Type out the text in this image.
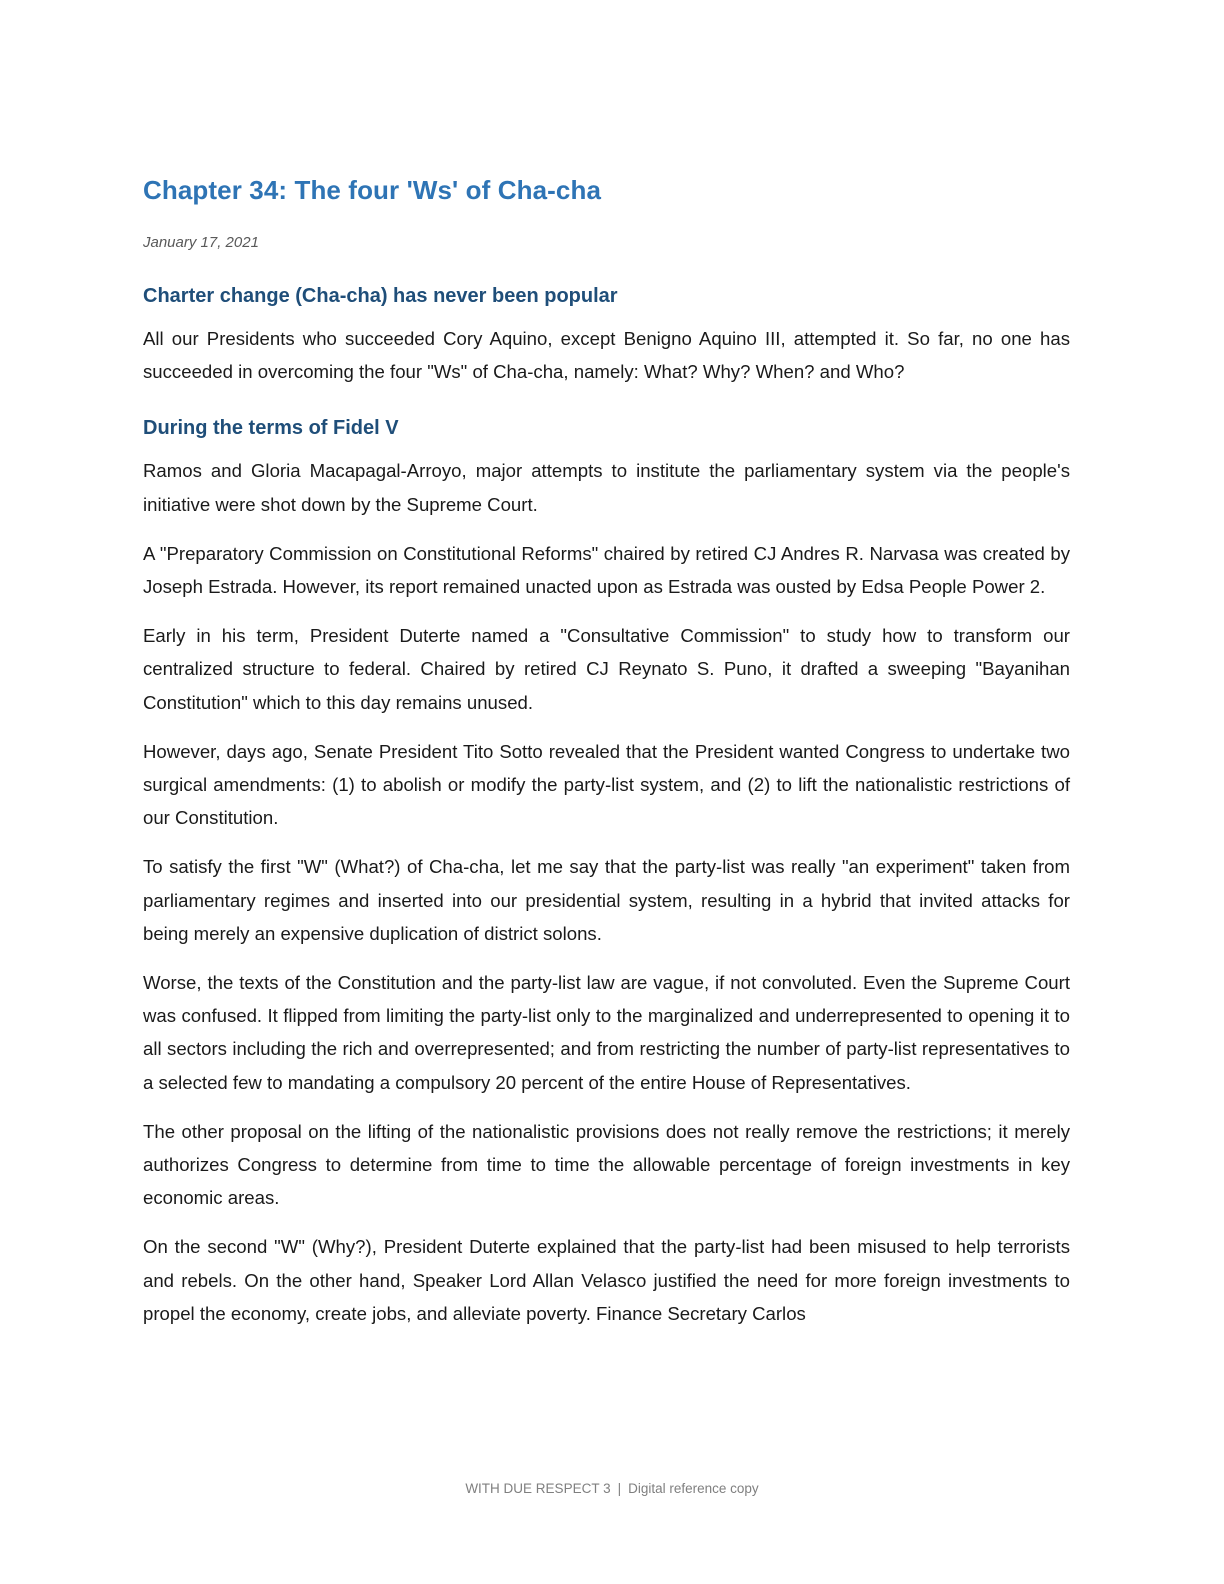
Chapter 34: The four 'Ws' of Cha-cha

January 17, 2021

Charter change (Cha-cha) has never been popular

All our Presidents who succeeded Cory Aquino, except Benigno Aquino III, attempted it. So far, no one has succeeded in overcoming the four "Ws" of Cha-cha, namely: What? Why? When? and Who?

During the terms of Fidel V

Ramos and Gloria Macapagal-Arroyo, major attempts to institute the parliamentary system via the people's initiative were shot down by the Supreme Court.

A "Preparatory Commission on Constitutional Reforms" chaired by retired CJ Andres R. Narvasa was created by Joseph Estrada. However, its report remained unacted upon as Estrada was ousted by Edsa People Power 2.

Early in his term, President Duterte named a "Consultative Commission" to study how to transform our centralized structure to federal. Chaired by retired CJ Reynato S. Puno, it drafted a sweeping "Bayanihan Constitution" which to this day remains unused.

However, days ago, Senate President Tito Sotto revealed that the President wanted Congress to undertake two surgical amendments: (1) to abolish or modify the party-list system, and (2) to lift the nationalistic restrictions of our Constitution.

To satisfy the first "W" (What?) of Cha-cha, let me say that the party-list was really "an experiment" taken from parliamentary regimes and inserted into our presidential system, resulting in a hybrid that invited attacks for being merely an expensive duplication of district solons.

Worse, the texts of the Constitution and the party-list law are vague, if not convoluted. Even the Supreme Court was confused. It flipped from limiting the party-list only to the marginalized and underrepresented to opening it to all sectors including the rich and overrepresented; and from restricting the number of party-list representatives to a selected few to mandating a compulsory 20 percent of the entire House of Representatives.

The other proposal on the lifting of the nationalistic provisions does not really remove the restrictions; it merely authorizes Congress to determine from time to time the allowable percentage of foreign investments in key economic areas.

On the second "W" (Why?), President Duterte explained that the party-list had been misused to help terrorists and rebels. On the other hand, Speaker Lord Allan Velasco justified the need for more foreign investments to propel the economy, create jobs, and alleviate poverty. Finance Secretary Carlos

WITH DUE RESPECT 3 | Digital reference copy
